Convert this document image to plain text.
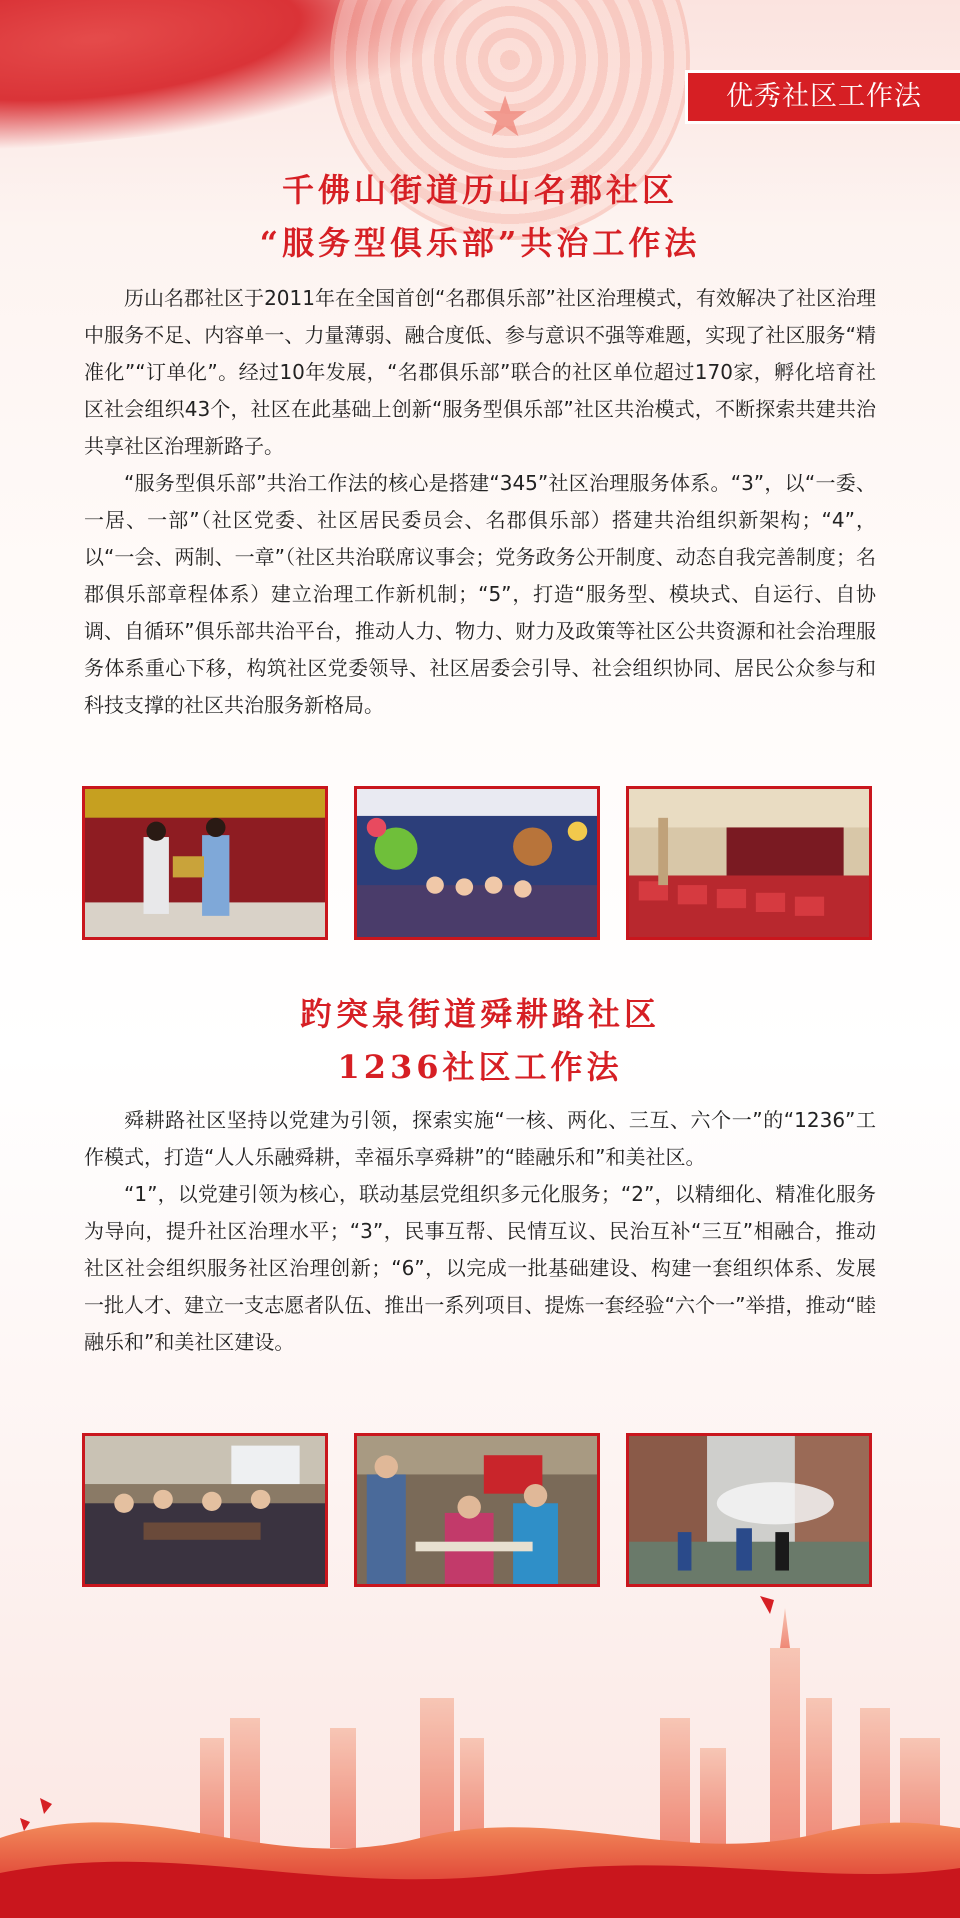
★	优秀社区工作法
千佛山街道历山名郡社区
“服务型俱乐部”共治工作法

历山名郡社区于2011年在全国首创“名郡俱乐部”社区治理模式，有效解决了社区治理中服务不足、内容单一、力量薄弱、融合度低、参与意识不强等难题，实现了社区服务“精准化”“订单化”。经过10年发展，“名郡俱乐部”联合的社区单位超过170家，孵化培育社区社会组织43个，社区在此基础上创新“服务型俱乐部”社区共治模式，不断探索共建共治共享社区治理新路子。

“服务型俱乐部”共治工作法的核心是搭建“345”社区治理服务体系。“3”，以“一委、一居、一部”（社区党委、社区居民委员会、名郡俱乐部）搭建共治组织新架构；“4”，以“一会、两制、一章”（社区共治联席议事会；党务政务公开制度、动态自我完善制度；名郡俱乐部章程体系）建立治理工作新机制；“5”，打造“服务型、模块式、自运行、自协调、自循环”俱乐部共治平台，推动人力、物力、财力及政策等社区公共资源和社会治理服务体系重心下移，构筑社区党委领导、社区居委会引导、社会组织协同、居民公众参与和科技支撑的社区共治服务新格局。

趵突泉街道舜耕路社区
1236社区工作法

舜耕路社区坚持以党建为引领，探索实施“一核、两化、三互、六个一”的“1236”工作模式，打造“人人乐融舜耕，幸福乐享舜耕”的“睦融乐和”和美社区。

“1”，以党建引领为核心，联动基层党组织多元化服务；“2”，以精细化、精准化服务为导向，提升社区治理水平；“3”，民事互帮、民情互议、民治互补“三互”相融合，推动社区社会组织服务社区治理创新；“6”，以完成一批基础建设、构建一套组织体系、发展一批人才、建立一支志愿者队伍、推出一系列项目、提炼一套经验“六个一”举措，推动“睦融乐和”和美社区建设。
